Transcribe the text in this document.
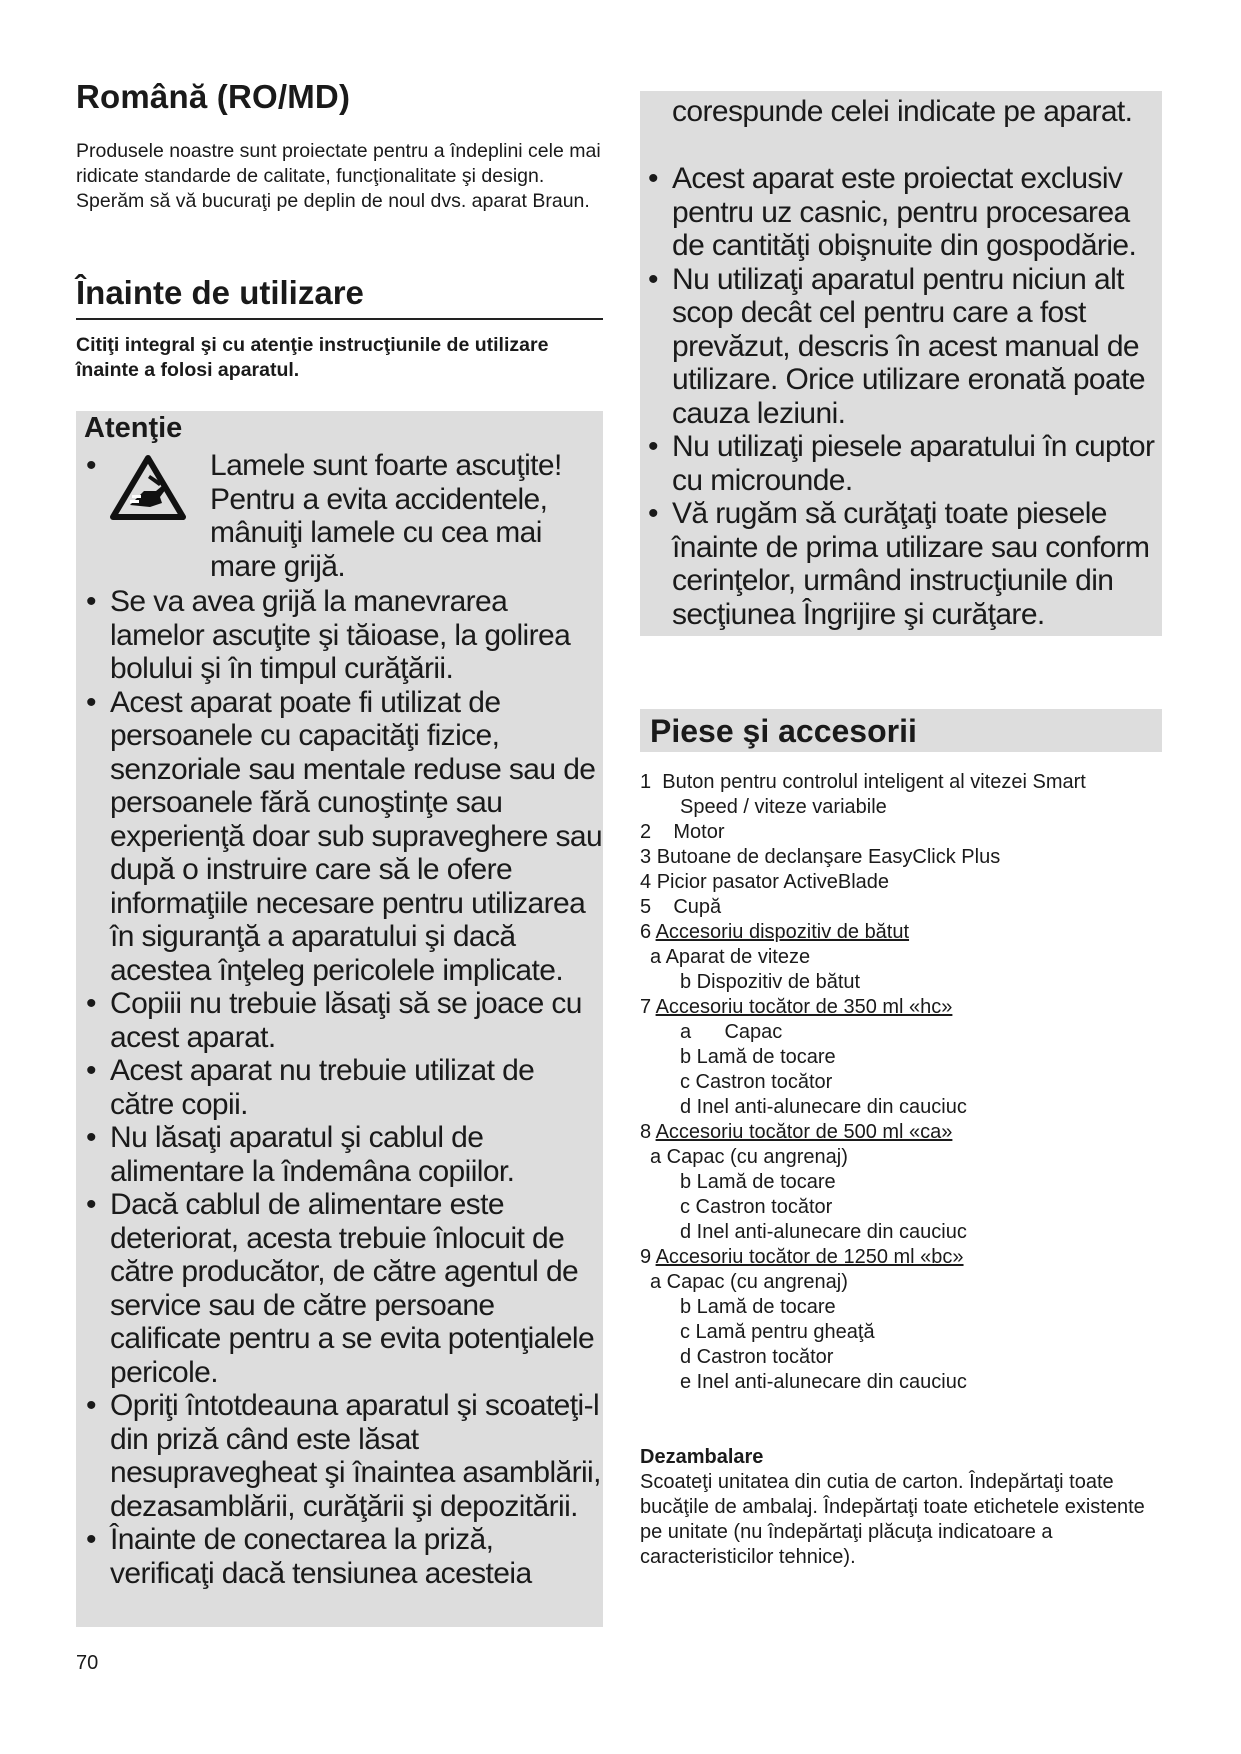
Română (RO/MD)

Produsele noastre sunt proiectate pentru a îndeplini cele mai ridicate standarde de calitate, funcţionalitate şi design. Sperăm să vă bucuraţi pe deplin de noul dvs. aparat Braun.

Înainte de utilizare

Citiţi integral şi cu atenţie instrucţiunile de utilizare înainte a folosi aparatul.

Atenţie
•	Lamele sunt foarte ascuţite! Pentru a evita accidentele, mânuiţi lamele cu cea mai mare grijă.
• Se va avea grijă la manevrarea lamelor ascuţite şi tăioase, la golirea bolului şi în timpul curăţării.
• Acest aparat poate fi utilizat de persoanele cu capacităţi fizice, senzoriale sau mentale reduse sau de persoanele fără cunoştinţe sau experienţă doar sub supraveghere sau după o instruire care să le ofere informaţiile necesare pentru utilizarea în siguranţă a aparatului şi dacă acestea înţeleg pericolele implicate.
• Copiii nu trebuie lăsaţi să se joace cu acest aparat.
• Acest aparat nu trebuie utilizat de către copii.
• Nu lăsaţi aparatul şi cablul de alimentare la îndemâna copiilor.
• Dacă cablul de alimentare este deteriorat, acesta trebuie înlocuit de către producător, de către agentul de service sau de către persoane calificate pentru a se evita potenţialele pericole.
• Opriţi întotdeauna aparatul şi scoateţi-l din priză când este lăsat nesupravegheat şi înaintea asamblării, dezasamblării, curăţării şi depozitării.
• Înainte de conectarea la priză, verificaţi dacă tensiunea acesteia

corespunde celei indicate pe aparat.

• Acest aparat este proiectat exclusiv pentru uz casnic, pentru procesarea de cantităţi obişnuite din gospodărie.
• Nu utilizaţi aparatul pentru niciun alt scop decât cel pentru care a fost prevăzut, descris în acest manual de utilizare. Orice utilizare eronată poate cauza leziuni.
• Nu utilizaţi piesele aparatului în cuptor cu microunde.
• Vă rugăm să curăţaţi toate piesele înainte de prima utilizare sau conform cerinţelor, urmând instrucţiunile din secţiunea Îngrijire şi curăţare.
Piese şi accesorii
1 Buton pentru controlul inteligent al vitezei Smart
Speed / viteze variabile
2 Motor
3 Butoane de declanşare EasyClick Plus
4 Picior pasator ActiveBlade
5 Cupă
6 Accesoriu dispozitiv de bătut
a Aparat de viteze
b Dispozitiv de bătut
7 Accesoriu tocător de 350 ml «hc»
a      Capac
b Lamă de tocare
c Castron tocător
d Inel anti-alunecare din cauciuc
8 Accesoriu tocător de 500 ml «ca»
a Capac (cu angrenaj)
b Lamă de tocare
c Castron tocător
d Inel anti-alunecare din cauciuc
9 Accesoriu tocător de 1250 ml «bc»
a Capac (cu angrenaj)
b Lamă de tocare
c Lamă pentru gheaţă
d Castron tocător
e Inel anti-alunecare din cauciuc
Dezambalare

Scoateţi unitatea din cutia de carton. Îndepărtaţi toate bucăţile de ambalaj. Îndepărtaţi toate etichetele existente pe unitate (nu îndepărtaţi plăcuţa indicatoare a caracteristicilor tehnice).

70
